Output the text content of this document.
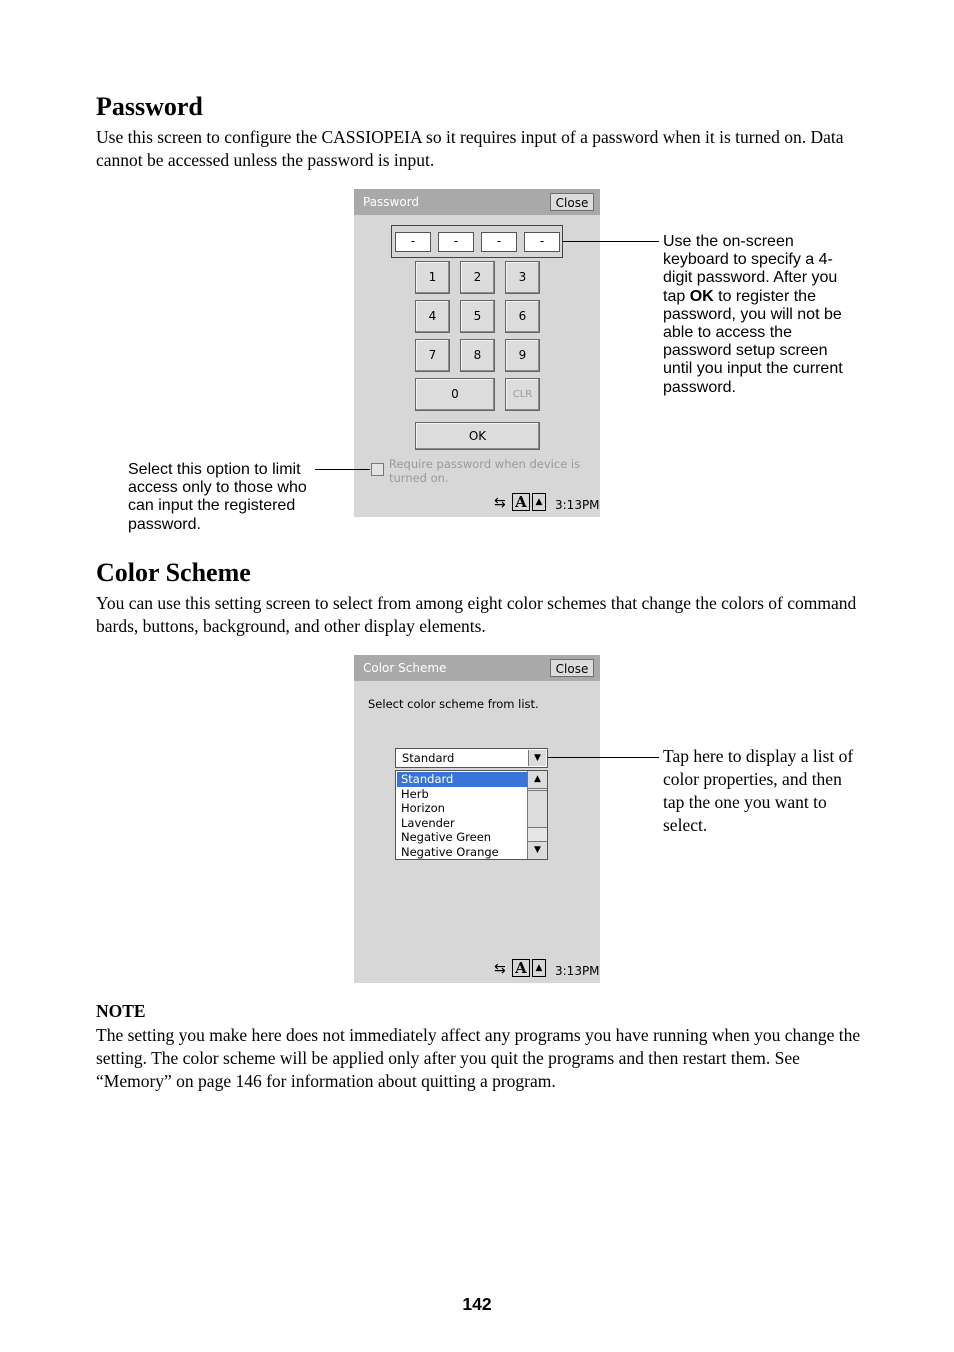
Password
Use this screen to configure the CASSIOPEIA so it requires input of a password when it is turned on. Data cannot be accessed unless the password is input.
Password	Close
-	-	-	-
1	2	3
4	5	6
7	8	9
0	CLR
OK
Require password when device is turned on.
⇆ A ▲ 3:13PM
Use the on-screen keyboard to specify a 4-digit password. After you tap OK to register the password, you will not be able to access the password setup screen until you input the current password.
Select this option to limit access only to those who can input the registered password.
Color Scheme
You can use this setting screen to select from among eight color schemes that change the colors of command bards, buttons, background, and other display elements.
Color Scheme	Close
Select color scheme from list.
Standard	▼
Standard
Herb
Horizon
Lavender
Negative Green
Negative Orange
▲
▼
⇆ A ▲ 3:13PM
Tap here to display a list of color properties, and then tap the one you want to select.
NOTE
The setting you make here does not immediately affect any programs you have running when you change the setting. The color scheme will be applied only after you quit the programs and then restart them. See “Memory” on page 146 for information about quitting a program.
142
